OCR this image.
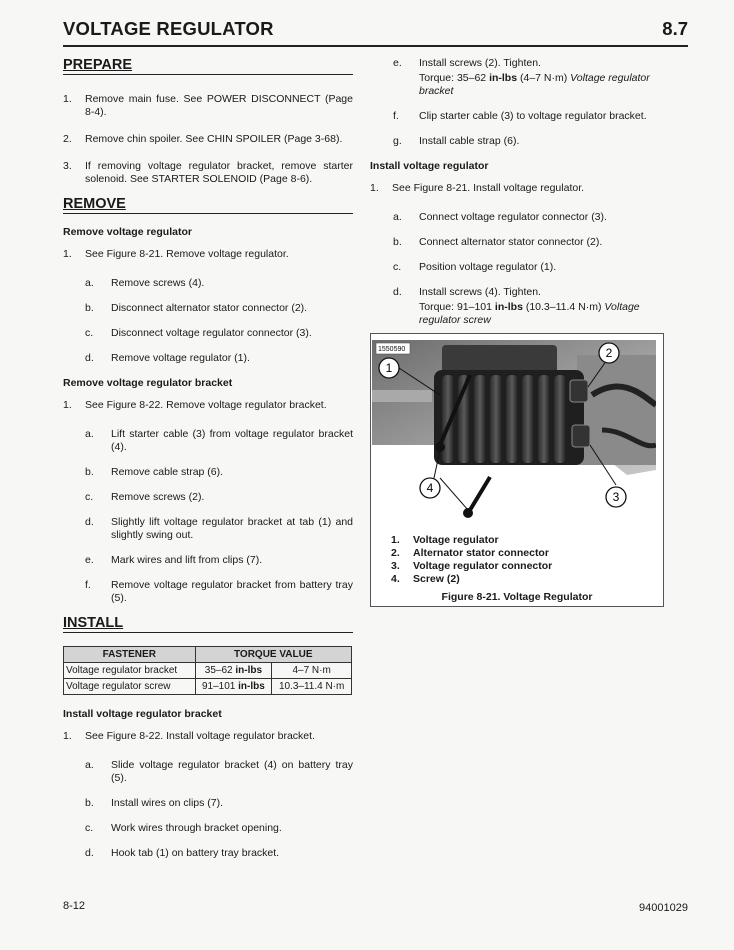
VOLTAGE REGULATOR	8.7
PREPARE
1. Remove main fuse. See POWER DISCONNECT (Page 8-4).
2. Remove chin spoiler. See CHIN SPOILER (Page 3-68).
3. If removing voltage regulator bracket, remove starter solenoid. See STARTER SOLENOID (Page 8-6).
REMOVE
Remove voltage regulator
1. See Figure 8-21. Remove voltage regulator.
a. Remove screws (4).
b. Disconnect alternator stator connector (2).
c. Disconnect voltage regulator connector (3).
d. Remove voltage regulator (1).
Remove voltage regulator bracket
1. See Figure 8-22. Remove voltage regulator bracket.
a. Lift starter cable (3) from voltage regulator bracket (4).
b. Remove cable strap (6).
c. Remove screws (2).
d. Slightly lift voltage regulator bracket at tab (1) and slightly swing out.
e. Mark wires and lift from clips (7).
f. Remove voltage regulator bracket from battery tray (5).
INSTALL
FASTENER	TORQUE VALUE	
Voltage regulator bracket	35–62 in-lbs	4–7 N·m
Voltage regulator screw	91–101 in-lbs	10.3–11.4 N·m
Install voltage regulator bracket
1. See Figure 8-22. Install voltage regulator bracket.
a. Slide voltage regulator bracket (4) on battery tray (5).
b. Install wires on clips (7).
c. Work wires through bracket opening.
d. Hook tab (1) on battery tray bracket.
e. Install screws (2). Tighten.
Torque: 35–62 in-lbs (4–7 N·m) Voltage regulator bracket
f. Clip starter cable (3) to voltage regulator bracket.
g. Install cable strap (6).
Install voltage regulator
1. See Figure 8-21. Install voltage regulator.
a. Connect voltage regulator connector (3).
b. Connect alternator stator connector (2).
c. Position voltage regulator (1).
d. Install screws (4). Tighten.
Torque: 91–101 in-lbs (10.3–11.4 N·m) Voltage regulator screw
1550590
1
2
3
4
1. Voltage regulator
2. Alternator stator connector
3. Voltage regulator connector
4. Screw (2)
Figure 8-21. Voltage Regulator
8-12	94001029
